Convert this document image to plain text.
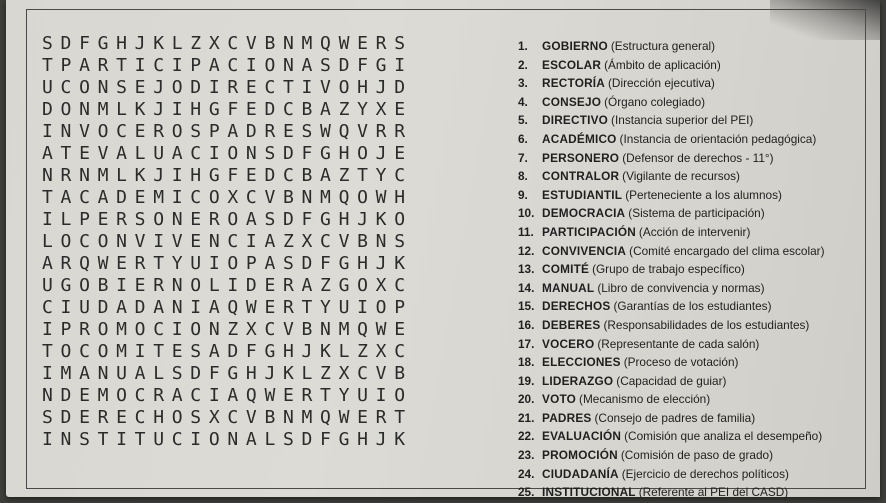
SDFGHJKLZXCVBNMQWERS
TPARTICIPACIONASDFGI
UCONSEJODIRECTIVOHJD
DONMLKJIHGFEDCBAZYXE
INVOCEROSPADRESWQVRR
ATEVALUACIONSDFGHOJE
NRNMLKJIHGFEDCBAZTYC
TACADEMICOXCVBNMQOWH
ILPERSONEROASDFGHJKO
LOCONVIVENCIAZXCVBNS
ARQWERTYUIOPASDFGHJK
UGOBIERNOLIDERAZGOXC
CIUDADANIAQWERTYUIOP
IPROMOCIONZXCVBNMQWE
TOCOMITESADFGHJKLZXC
IMANUALSDFGHJKLZXCVB
NDEMOCRACIAQWERTYUIO
SDERECHOSXCVBNMQWERT
INSTITUCIONALSDFGHJK
1. GOBIERNO (Estructura general)
2. ESCOLAR (Ámbito de aplicación)
3. RECTORÍA (Dirección ejecutiva)
4. CONSEJO (Órgano colegiado)
5. DIRECTIVO (Instancia superior del PEI)
6. ACADÉMICO (Instancia de orientación pedagógica)
7. PERSONERO (Defensor de derechos - 11°)
8. CONTRALOR (Vigilante de recursos)
9. ESTUDIANTIL (Perteneciente a los alumnos)
10. DEMOCRACIA (Sistema de participación)
11. PARTICIPACIÓN (Acción de intervenir)
12. CONVIVENCIA (Comité encargado del clima escolar)
13. COMITÉ (Grupo de trabajo específico)
14. MANUAL (Libro de convivencia y normas)
15. DERECHOS (Garantías de los estudiantes)
16. DEBERES (Responsabilidades de los estudiantes)
17. VOCERO (Representante de cada salón)
18. ELECCIONES (Proceso de votación)
19. LIDERAZGO (Capacidad de guiar)
20. VOTO (Mecanismo de elección)
21. PADRES (Consejo de padres de familia)
22. EVALUACIÓN (Comisión que analiza el desempeño)
23. PROMOCIÓN (Comisión de paso de grado)
24. CIUDADANÍA (Ejercicio de derechos políticos)
25. INSTITUCIONAL (Referente al PEI del CASD)
